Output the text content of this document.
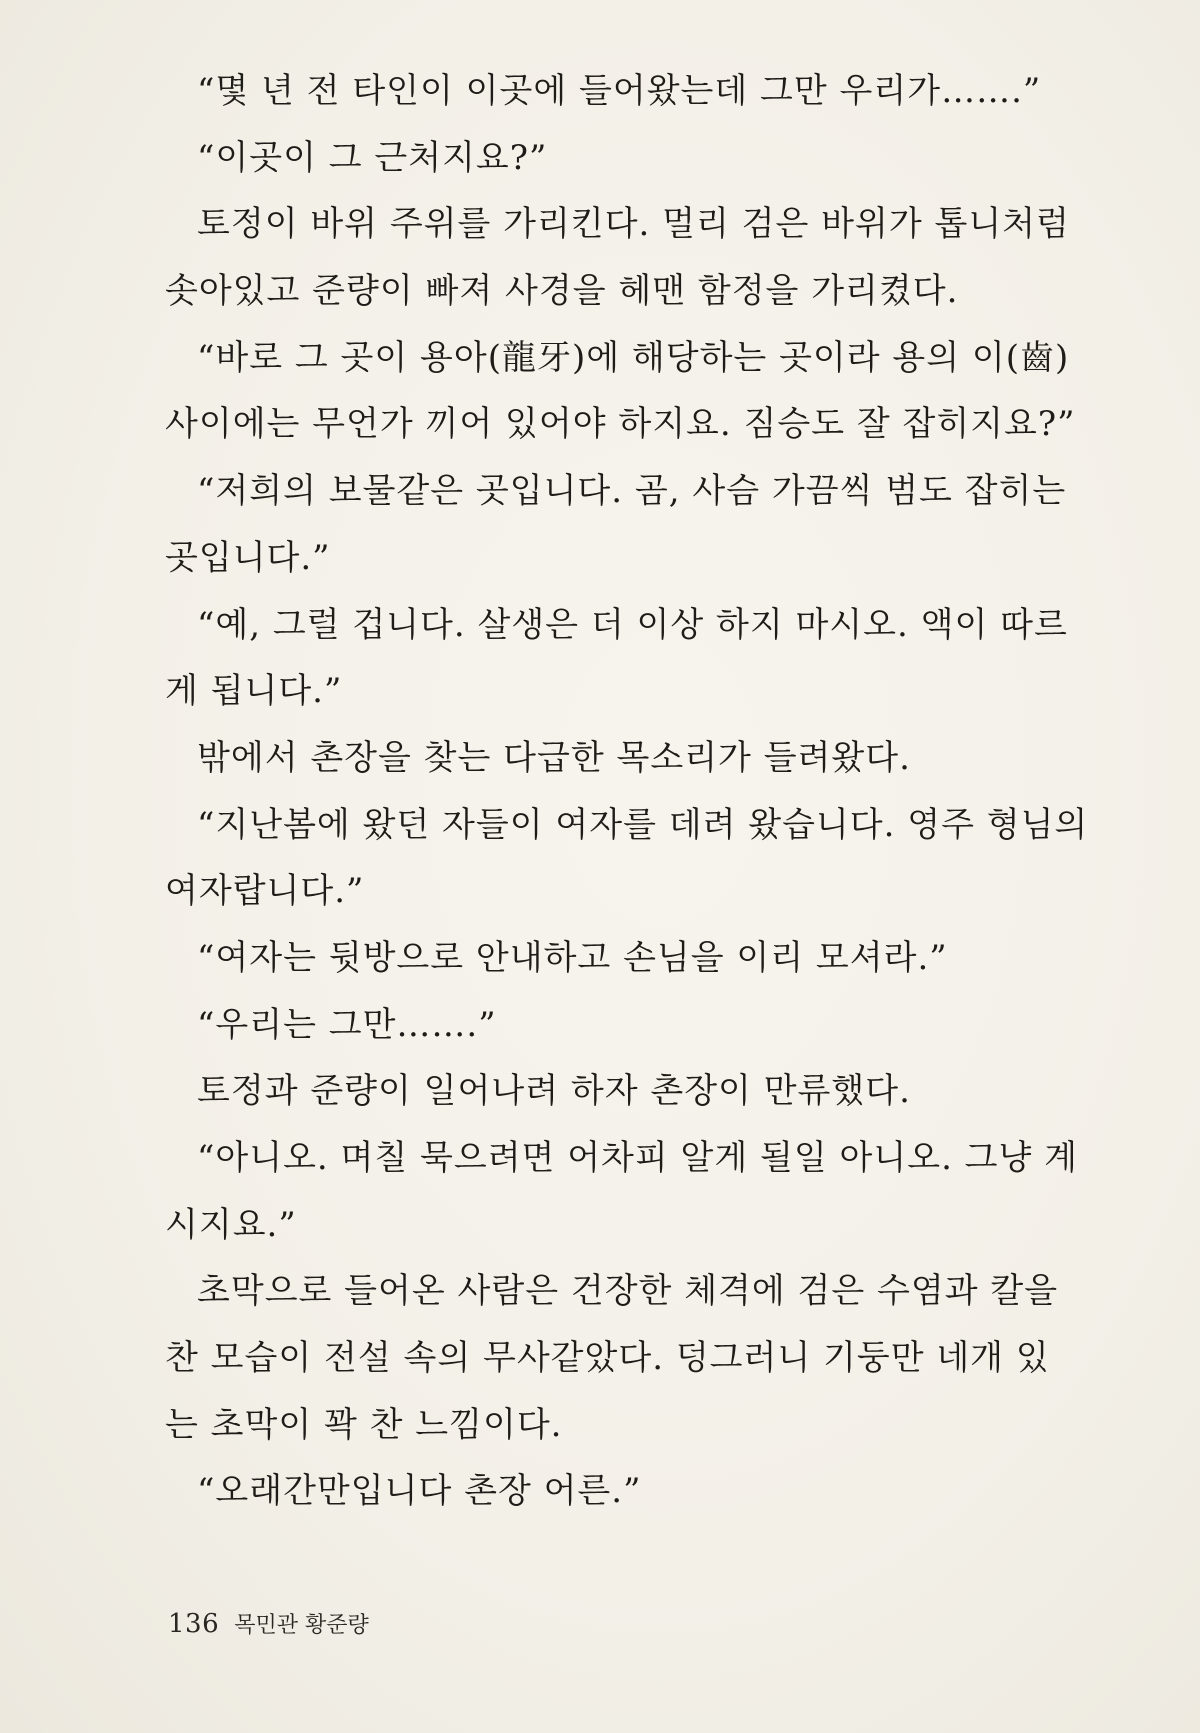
“몇 년 전 타인이 이곳에 들어왔는데 그만 우리가…….”
“이곳이 그 근처지요?”
토정이 바위 주위를 가리킨다. 멀리 검은 바위가 톱니처럼
솟아있고 준량이 빠져 사경을 헤맨 함정을 가리켰다.
“바로 그 곳이 용아(龍牙)에 해당하는 곳이라 용의 이(齒)
사이에는 무언가 끼어 있어야 하지요. 짐승도 잘 잡히지요?”
“저희의 보물같은 곳입니다. 곰, 사슴 가끔씩 범도 잡히는
곳입니다.”
“예, 그럴 겁니다. 살생은 더 이상 하지 마시오. 액이 따르
게 됩니다.”
밖에서 촌장을 찾는 다급한 목소리가 들려왔다.
“지난봄에 왔던 자들이 여자를 데려 왔습니다. 영주 형님의
여자랍니다.”
“여자는 뒷방으로 안내하고 손님을 이리 모셔라.”
“우리는 그만…….”
토정과 준량이 일어나려 하자 촌장이 만류했다.
“아니오. 며칠 묵으려면 어차피 알게 될일 아니오. 그냥 계
시지요.”
초막으로 들어온 사람은 건장한 체격에 검은 수염과 칼을
찬 모습이 전설 속의 무사같았다. 덩그러니 기둥만 네개 있
는 초막이 꽉 찬 느낌이다.
“오래간만입니다 촌장 어른.”
136 목민관 황준량
